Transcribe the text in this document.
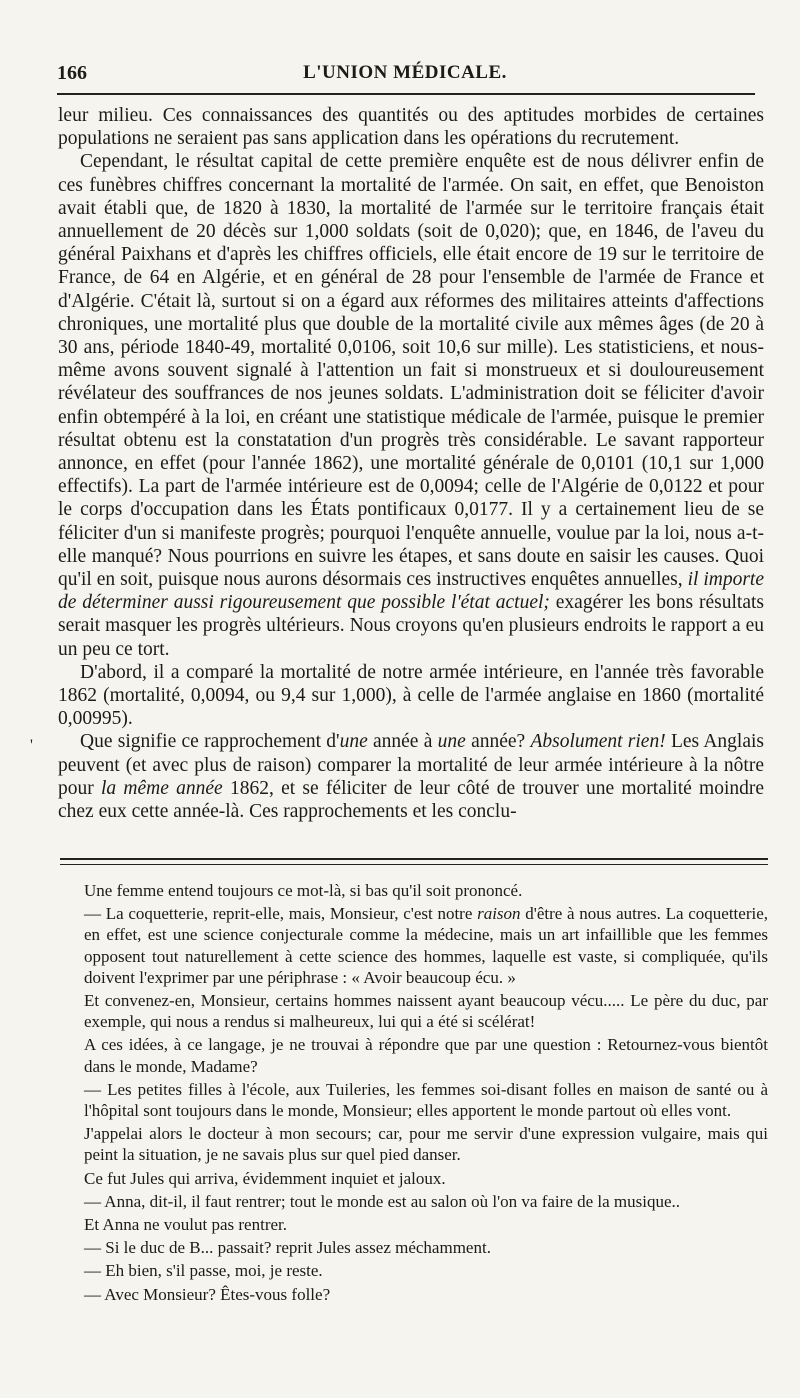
166	L'UNION MÉDICALE.

leur milieu. Ces connaissances des quantités ou des aptitudes morbides de certaines populations ne seraient pas sans application dans les opérations du recrutement.

Cependant, le résultat capital de cette première enquête est de nous délivrer enfin de ces funèbres chiffres concernant la mortalité de l'armée. On sait, en effet, que Benoiston avait établi que, de 1820 à 1830, la mortalité de l'armée sur le territoire français était annuellement de 20 décès sur 1,000 soldats (soit de 0,020); que, en 1846, de l'aveu du général Paixhans et d'après les chiffres officiels, elle était encore de 19 sur le territoire de France, de 64 en Algérie, et en général de 28 pour l'ensemble de l'armée de France et d'Algérie. C'était là, surtout si on a égard aux réformes des militaires atteints d'affections chroniques, une mortalité plus que double de la mortalité civile aux mêmes âges (de 20 à 30 ans, période 1840-49, mortalité 0,0106, soit 10,6 sur mille). Les statisticiens, et nous-même avons souvent signalé à l'attention un fait si monstrueux et si douloureusement révélateur des souffrances de nos jeunes soldats. L'administration doit se féliciter d'avoir enfin obtempéré à la loi, en créant une statistique médicale de l'armée, puisque le premier résultat obtenu est la constatation d'un progrès très considérable. Le savant rapporteur annonce, en effet (pour l'année 1862), une mortalité générale de 0,0101 (10,1 sur 1,000 effectifs). La part de l'armée intérieure est de 0,0094; celle de l'Algérie de 0,0122 et pour le corps d'occupation dans les États pontificaux 0,0177. Il y a certainement lieu de se féliciter d'un si manifeste progrès; pourquoi l'enquête annuelle, voulue par la loi, nous a-t-elle manqué? Nous pourrions en suivre les étapes, et sans doute en saisir les causes. Quoi qu'il en soit, puisque nous aurons désormais ces instructives enquêtes annuelles, il importe de déterminer aussi rigoureusement que possible l'état actuel; exagérer les bons résultats serait masquer les progrès ultérieurs. Nous croyons qu'en plusieurs endroits le rapport a eu un peu ce tort.

D'abord, il a comparé la mortalité de notre armée intérieure, en l'année très favorable 1862 (mortalité, 0,0094, ou 9,4 sur 1,000), à celle de l'armée anglaise en 1860 (mortalité 0,00995).

Que signifie ce rapprochement d'une année à une année? Absolument rien! Les Anglais peuvent (et avec plus de raison) comparer la mortalité de leur armée intérieure à la nôtre pour la même année 1862, et se féliciter de leur côté de trouver une mortalité moindre chez eux cette année-là. Ces rapprochements et les conclu-

'

Une femme entend toujours ce mot-là, si bas qu'il soit prononcé.

— La coquetterie, reprit-elle, mais, Monsieur, c'est notre raison d'être à nous autres. La coquetterie, en effet, est une science conjecturale comme la médecine, mais un art infaillible que les femmes opposent tout naturellement à cette science des hommes, laquelle est vaste, si compliquée, qu'ils doivent l'exprimer par une périphrase : « Avoir beaucoup écu. »

Et convenez-en, Monsieur, certains hommes naissent ayant beaucoup vécu..... Le père du duc, par exemple, qui nous a rendus si malheureux, lui qui a été si scélérat!

A ces idées, à ce langage, je ne trouvai à répondre que par une question : Retournez-vous bientôt dans le monde, Madame?

— Les petites filles à l'école, aux Tuileries, les femmes soi-disant folles en maison de santé ou à l'hôpital sont toujours dans le monde, Monsieur; elles apportent le monde partout où elles vont.

J'appelai alors le docteur à mon secours; car, pour me servir d'une expression vulgaire, mais qui peint la situation, je ne savais plus sur quel pied danser.

Ce fut Jules qui arriva, évidemment inquiet et jaloux.

— Anna, dit-il, il faut rentrer; tout le monde est au salon où l'on va faire de la musique..

Et Anna ne voulut pas rentrer.

— Si le duc de B... passait? reprit Jules assez méchamment.

— Eh bien, s'il passe, moi, je reste.

— Avec Monsieur? Êtes-vous folle?
